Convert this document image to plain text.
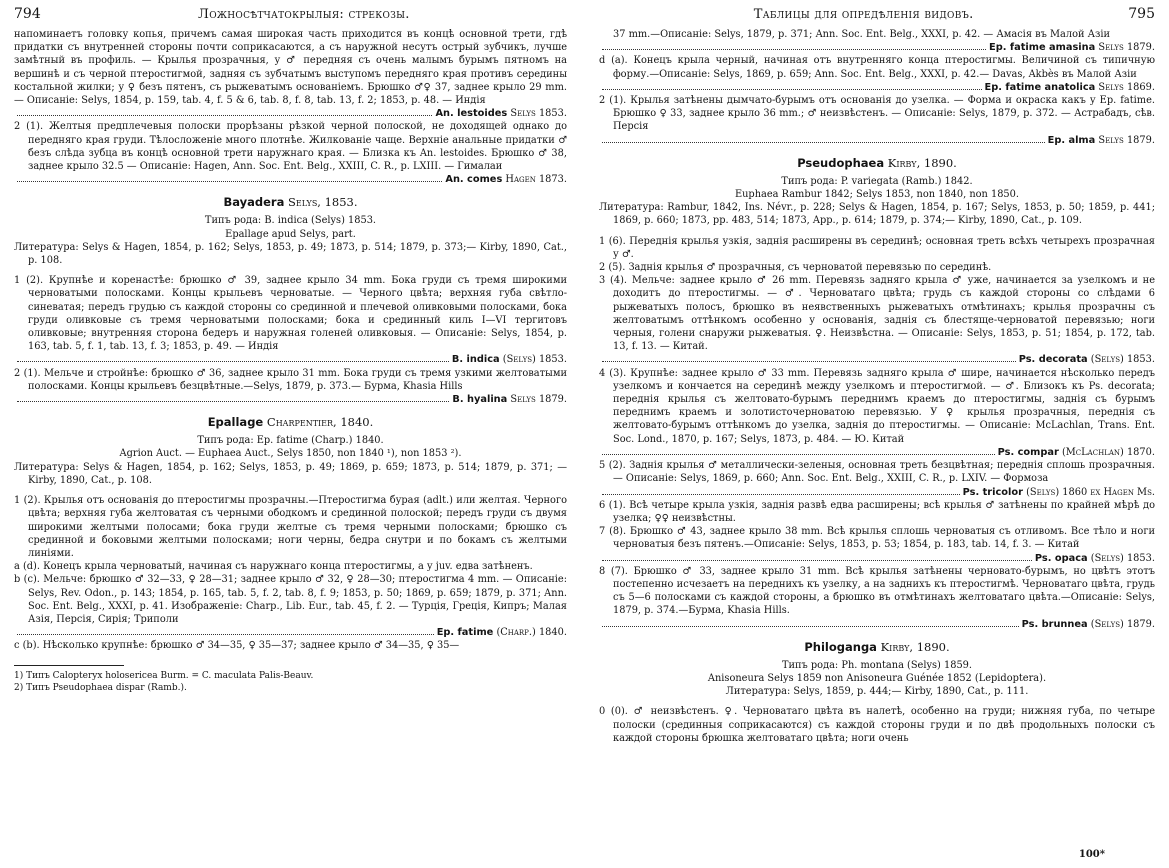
794	Ложносѣтчатокрылыя: стрекозы.

напоминаетъ головку копья, причемъ самая широкая часть приходится въ концѣ основной трети, гдѣ придатки съ внутренней стороны почти соприкасаются, а съ наружной несутъ острый зубчикъ, лучше замѣтный въ профиль. — Крылья прозрачныя, у ♂ передняя съ очень малымъ бурымъ пятномъ на вершинѣ и съ черной птеростигмой, задняя съ зубчатымъ выступомъ передняго края противъ середины костальной жилки; у ♀ безъ пятенъ, съ рыжеватымъ основаніемъ. Брюшко ♂♀ 37, заднее крыло 29 mm. — Описаніе: Selys, 1854, p. 159, tab. 4, f. 5 & 6, tab. 8, f. 8, tab. 13, f. 2; 1853, p. 48. — Индія

An. lestoides Selys 1853.

2 (1). Желтыя предплечевыя полоски прорѣзаны рѣзкой черной полоской, не доходящей однако до передняго края груди. Тѣлосложеніе много плотнѣе. Жилкованіе чаще. Верхніе анальные придатки ♂ безъ слѣда зубца въ концѣ основной трети наружнаго края. — Близка къ An. lestoides. Брюшко ♂ 38, заднее крыло 32.5 — Описаніе: Hagen, Ann. Soc. Ent. Belg., XXIII, C. R., p. LXIII. — Гималаи

An. comes Hagen 1873.
Bayadera Selys, 1853.
Типъ рода: B. indica (Selys) 1853.
Epallage apud Selys, part.

Литература: Selys & Hagen, 1854, p. 162; Selys, 1853, p. 49; 1873, p. 514; 1879, p. 373;— Kirby, 1890, Cat., p. 108.

1 (2). Крупнѣе и коренастѣе: брюшко ♂ 39, заднее крыло 34 mm. Бока груди съ тремя широкими черноватыми полосками. Концы крыльевъ черноватые. — Черного цвѣта; верхняя губа свѣтло-синеватая; передъ грудью съ каждой стороны со срединной и плечевой оливковыми полосками, бока груди оливковые съ тремя черноватыми полосками; бока и срединный киль I—VI тергитовъ оливковые; внутренняя сторона бедеръ и наружная голеней оливковыя. — Описаніе: Selys, 1854, p. 163, tab. 5, f. 1, tab. 13, f. 3; 1853, p. 49. — Индія

B. indica (Selys) 1853.

2 (1). Мельче и стройнѣе: брюшко ♂ 36, заднее крыло 31 mm. Бока груди съ тремя узкими желтоватыми полосками. Концы крыльевъ безцвѣтные.—Selys, 1879, p. 373.— Бурма, Khasia Hills

B. hyalina Selys 1879.
Epallage Charpentier, 1840.
Типъ рода: Ep. fatime (Charp.) 1840.
Agrion Auct. — Euphaea Auct., Selys 1850, non 1840 ¹), non 1853 ²).

Литература: Selys & Hagen, 1854, p. 162; Selys, 1853, p. 49; 1869, p. 659; 1873, p. 514; 1879, p. 371; — Kirby, 1890, Cat., p. 108.

1 (2). Крылья отъ основанія до птеростигмы прозрачны.—Птеростигма бурая (adlt.) или желтая. Черного цвѣта; верхняя губа желтоватая съ черными ободкомъ и срединной полоской; передъ груди съ двумя широкими желтыми полосами; бока груди желтые съ тремя черными полосками; брюшко съ срединной и боковыми желтыми полосками; ноги черны, бедра снутри и по бокамъ съ желтыми линіями.

a (d). Конецъ крыла черноватый, начиная съ наружнаго конца птеростигмы, а у juv. едва затѣненъ.

b (c). Мельче: брюшко ♂ 32—33, ♀ 28—31; заднее крыло ♂ 32, ♀ 28—30; птеростигма 4 mm. — Описаніе: Selys, Rev. Odon., p. 143; 1854, p. 165, tab. 5, f. 2, tab. 8, f. 9; 1853, p. 50; 1869, p. 659; 1879, p. 371; Ann. Soc. Ent. Belg., XXXI, p. 41. Изображеніе: Charp., Lib. Eur., tab. 45, f. 2. — Турція, Греція, Кипръ; Малая Азія, Персія, Сирія; Триполи

Ep. fatime (Charp.) 1840.

c (b). Нѣсколько крупнѣе: брюшко ♂ 34—35, ♀ 35—37; заднее крыло ♂ 34—35, ♀ 35—

1) Типъ Calopteryx holosericea Burm. = C. maculata Palis-Beauv.
2) Типъ Pseudophaea dispar (Ramb.).
Таблицы для опредѣленія видовъ.	795

37 mm.—Описаніе: Selys, 1879, p. 371; Ann. Soc. Ent. Belg., XXXI, p. 42. — Амасія въ Малой Азіи

Ep. fatime amasina Selys 1879.

d (a). Конецъ крыла черный, начиная отъ внутренняго конца птеростигмы. Величиной съ типичную форму.—Описаніе: Selys, 1869, p. 659; Ann. Soc. Ent. Belg., XXXI, p. 42.— Davas, Akbès въ Малой Азіи

Ep. fatime anatolica Selys 1869.

2 (1). Крылья затѣнены дымчато-бурымъ отъ основанія до узелка. — Форма и окраска какъ у Ep. fatime. Брюшко ♀ 33, заднее крыло 36 mm.; ♂ неизвѣстенъ. — Описаніе: Selys, 1879, p. 372. — Астрабадъ, сѣв. Персія

Ep. alma Selys 1879.
Pseudophaea Kirby, 1890.
Типъ рода: P. variegata (Ramb.) 1842.
Euphaea Rambur 1842; Selys 1853, non 1840, non 1850.

Литература: Rambur, 1842, Ins. Névr., p. 228; Selys & Hagen, 1854, p. 167; Selys, 1853, p. 50; 1859, p. 441; 1869, p. 660; 1873, pp. 483, 514; 1873, App., p. 614; 1879, p. 374;— Kirby, 1890, Cat., p. 109.

1 (6). Переднія крылья узкія, заднія расширены въ серединѣ; основная треть всѣхъ четырехъ прозрачная у ♂.

2 (5). Заднія крылья ♂ прозрачныя, съ черноватой перевязью по серединѣ.

3 (4). Мельче: заднее крыло ♂ 26 mm. Перевязь задняго крыла ♂ уже, начинается за узелкомъ и не доходитъ до птеростигмы. — ♂. Черноватаго цвѣта; грудь съ каждой стороны со слѣдами 6 рыжеватыхъ полосъ, брюшко въ неявственныхъ рыжеватыхъ отмѣтинахъ; крылья прозрачны съ желтоватымъ оттѣнкомъ особенно у основанія, заднія съ блестяще-черноватой перевязью; ноги черныя, голени снаружи рыжеватыя. ♀. Неизвѣстна. — Описаніе: Selys, 1853, p. 51; 1854, p. 172, tab. 13, f. 13. — Китай.

Ps. decorata (Selys) 1853.

4 (3). Крупнѣе: заднее крыло ♂ 33 mm. Перевязь задняго крыла ♂ шире, начинается нѣсколько передъ узелкомъ и кончается на серединѣ между узелкомъ и птеростигмой. — ♂. Близокъ къ Ps. decorata; переднія крылья съ желтовато-бурымъ переднимъ краемъ до птеростигмы, заднія съ бурымъ переднимъ краемъ и золотисточерноватою перевязью. У ♀ крылья прозрачныя, переднія съ желтовато-бурымъ оттѣнкомъ до узелка, заднія до птеростигмы. — Описаніе: McLachlan, Trans. Ent. Soc. Lond., 1870, p. 167; Selys, 1873, p. 484. — Ю. Китай

Ps. compar (McLachlan) 1870.

5 (2). Заднія крылья ♂ металлически-зеленыя, основная треть безцвѣтная; переднія сплошь прозрачныя. — Описаніе: Selys, 1869, p. 660; Ann. Soc. Ent. Belg., XXIII, C. R., p. LXIV. — Формоза

Ps. tricolor (Selys) 1860 ex Hagen Ms.

6 (1). Всѣ четыре крыла узкія, заднія развѣ едва расширены; всѣ крылья ♂ затѣнены по крайней мѣрѣ до узелка; ♀♀ неизвѣстны.

7 (8). Брюшко ♂ 43, заднее крыло 38 mm. Всѣ крылья сплошь черноватыя съ отливомъ. Все тѣло и ноги черноватыя безъ пятенъ.—Описаніе: Selys, 1853, p. 53; 1854, p. 183, tab. 14, f. 3. — Китай

Ps. opaca (Selys) 1853.

8 (7). Брюшко ♂ 33, заднее крыло 31 mm. Всѣ крылья затѣнены черновато-бурымъ, но цвѣтъ этотъ постепенно исчезаетъ на переднихъ къ узелку, а на заднихъ къ птеростигмѣ. Черноватаго цвѣта, грудь съ 5—6 полосками съ каждой стороны, а брюшко въ отмѣтинахъ желтоватаго цвѣта.—Описаніе: Selys, 1879, p. 374.—Бурма, Khasia Hills.

Ps. brunnea (Selys) 1879.
Philoganga Kirby, 1890.
Типъ рода: Ph. montana (Selys) 1859.
Anisoneura Selys 1859 non Anisoneura Guénée 1852 (Lepidoptera).
Литература: Selys, 1859, p. 444;— Kirby, 1890, Cat., p. 111.

0 (0). ♂ неизвѣстенъ. ♀. Черноватаго цвѣта въ налетѣ, особенно на груди; нижняя губа, по четыре полоски (срединныя соприкасаются) съ каждой стороны груди и по двѣ продольныхъ полоски съ каждой стороны брюшка желтоватаго цвѣта; ноги очень

100*
